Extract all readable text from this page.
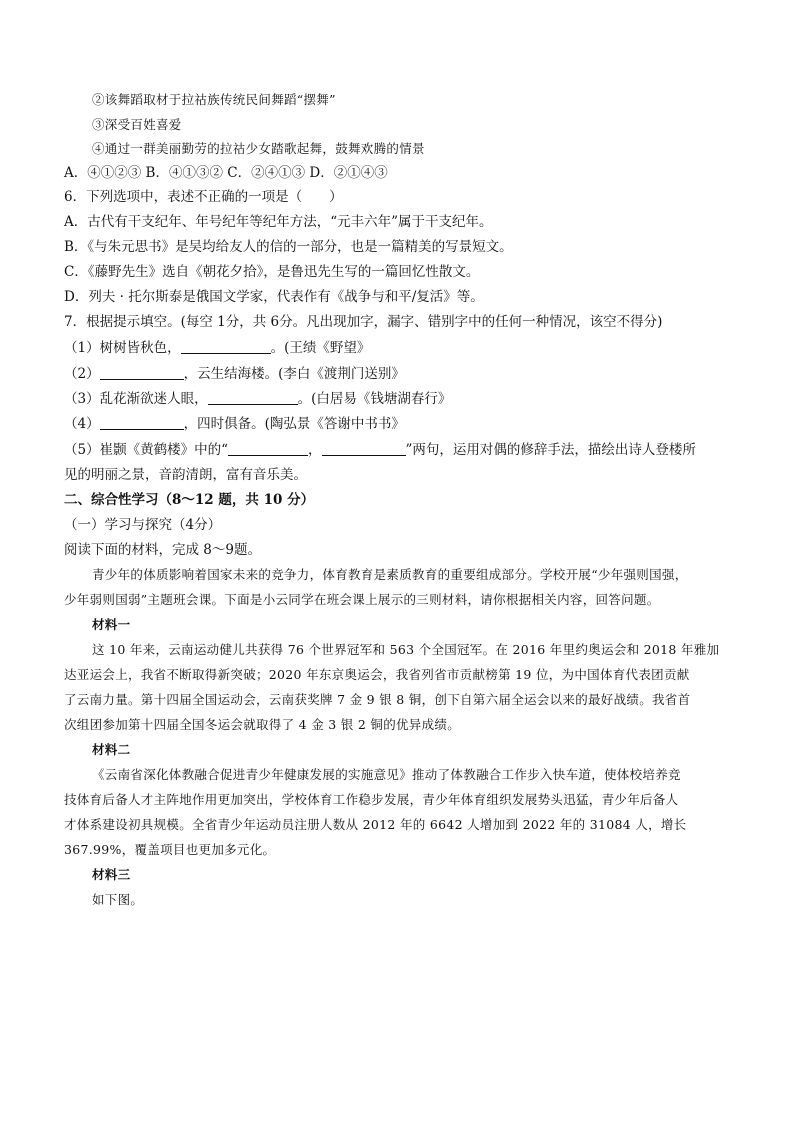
②该舞蹈取材于拉祜族传统民间舞蹈“摆舞”
③深受百姓喜爱
④通过一群美丽勤劳的拉祜少女踏歌起舞，鼓舞欢腾的情景
A．④①②③ B．④①③② C．②④①③ D．②①④③
6．下列选项中，表述不正确的一项是（　　）
A．古代有干支纪年、年号纪年等纪年方法，“元丰六年”属于干支纪年。
B．《与朱元思书》是吴均给友人的信的一部分，也是一篇精美的写景短文。
C．《藤野先生》选自《朝花夕拾》，是鲁迅先生写的一篇回忆性散文。
D．列夫 · 托尔斯泰是俄国文学家，代表作有《战争与和平/复活》等。
7．根据提示填空。(每空 1分，共 6分。凡出现加字，漏字、错别字中的任何一种情况，该空不得分)
（1）树树皆秋色，	。(王绩《野望》
（2）	，云生结海楼。(李白《渡荆门送别》
（3）乱花渐欲迷人眼，	。(白居易《钱塘湖春行》
（4）	，四时俱备。(陶弘景《答谢中书书》
（5）崔颢《黄鹤楼》中的“	，	”两句，运用对偶的修辞手法，描绘出诗人登楼所
见的明丽之景，音韵清朗，富有音乐美。
二、综合性学习（8～12 题，共 10 分）
（一）学习与探究（4分）
阅读下面的材料，完成 8～9题。
青少年的体质影响着国家未来的竞争力，体育教育是素质教育的重要组成部分。学校开展“少年强则国强，
少年弱则国弱”主题班会课。下面是小云同学在班会课上展示的三则材料，请你根据相关内容，回答问题。
材料一
这 10 年来，云南运动健儿共获得 76 个世界冠军和 563 个全国冠军。在 2016 年里约奥运会和 2018 年雅加
达亚运会上，我省不断取得新突破；2020 年东京奥运会，我省列省市贡献榜第 19 位，为中国体育代表团贡献
了云南力量。第十四届全国运动会，云南获奖牌 7 金 9 银 8 铜，创下自第六届全运会以来的最好战绩。我省首
次组团参加第十四届全国冬运会就取得了 4 金 3 银 2 铜的优异成绩。
材料二
《云南省深化体教融合促进青少年健康发展的实施意见》推动了体教融合工作步入快车道，使体校培养竞
技体育后备人才主阵地作用更加突出，学校体育工作稳步发展，青少年体育组织发展势头迅猛，青少年后备人
才体系建设初具规模。全省青少年运动员注册人数从 2012 年的 6642 人增加到 2022 年的 31084 人，增长
367.99%，覆盖项目也更加多元化。
材料三
如下图。
